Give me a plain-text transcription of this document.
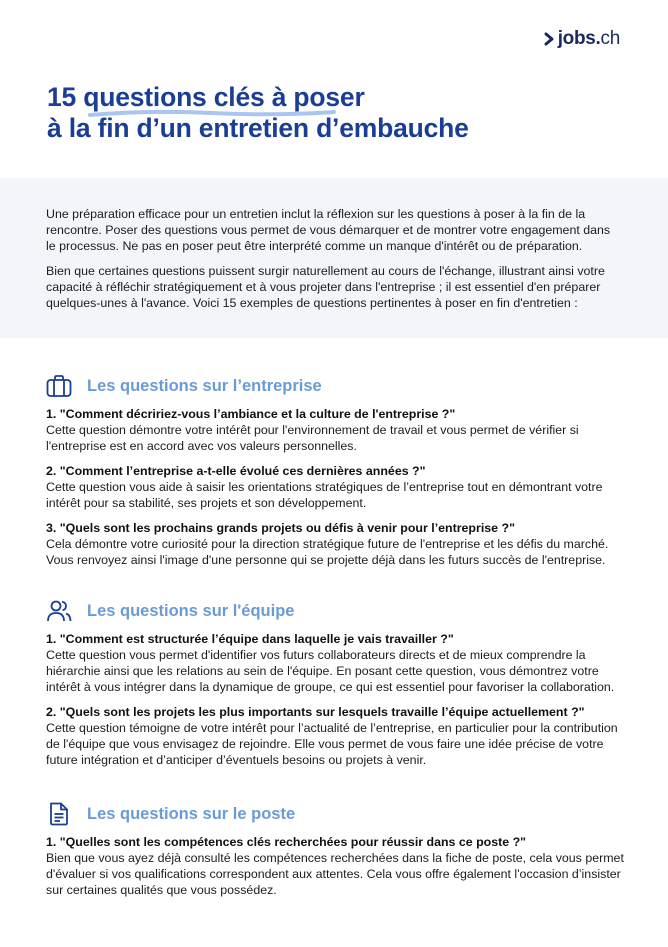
jobs.ch
15 questions clés à poser
à la fin d’un entretien d’embauche

Une préparation efficace pour un entretien inclut la réflexion sur les questions à poser à la fin de la rencontre. Poser des questions vous permet de vous démarquer et de montrer votre engagement dans le processus. Ne pas en poser peut être interprété comme un manque d'intérêt ou de préparation.

Bien que certaines questions puissent surgir naturellement au cours de l'échange, illustrant ainsi votre capacité à réfléchir stratégiquement et à vous projeter dans l'entreprise ; il est essentiel d'en préparer quelques-unes à l'avance. Voici 15 exemples de questions pertinentes à poser en fin d'entretien :

Les questions sur l’entreprise
1. "Comment décririez-vous l’ambiance et la culture de l'entreprise ?"
Cette question démontre votre intérêt pour l'environnement de travail et vous permet de vérifier si l'entreprise est en accord avec vos valeurs personnelles.
2. "Comment l’entreprise a-t-elle évolué ces dernières années ?"
Cette question vous aide à saisir les orientations stratégiques de l’entreprise tout en démontrant votre intérêt pour sa stabilité, ses projets et son développement.
3. "Quels sont les prochains grands projets ou défis à venir pour l’entreprise ?"
Cela démontre votre curiosité pour la direction stratégique future de l'entreprise et les défis du marché. Vous renvoyez ainsi l'image d'une personne qui se projette déjà dans les futurs succès de l'entreprise.
Les questions sur l'équipe
1. "Comment est structurée l’équipe dans laquelle je vais travailler ?"
Cette question vous permet d'identifier vos futurs collaborateurs directs et de mieux comprendre la hiérarchie ainsi que les relations au sein de l'équipe. En posant cette question, vous démontrez votre intérêt à vous intégrer dans la dynamique de groupe, ce qui est essentiel pour favoriser la collaboration.
2. "Quels sont les projets les plus importants sur lesquels travaille l’équipe actuellement ?"
Cette question témoigne de votre intérêt pour l’actualité de l’entreprise, en particulier pour la contribution de l'équipe que vous envisagez de rejoindre. Elle vous permet de vous faire une idée précise de votre future intégration et d’anticiper d’éventuels besoins ou projets à venir.
Les questions sur le poste
1. "Quelles sont les compétences clés recherchées pour réussir dans ce poste ?"
Bien que vous ayez déjà consulté les compétences recherchées dans la fiche de poste, cela vous permet d'évaluer si vos qualifications correspondent aux attentes. Cela vous offre également l'occasion d’insister sur certaines qualités que vous possédez.
